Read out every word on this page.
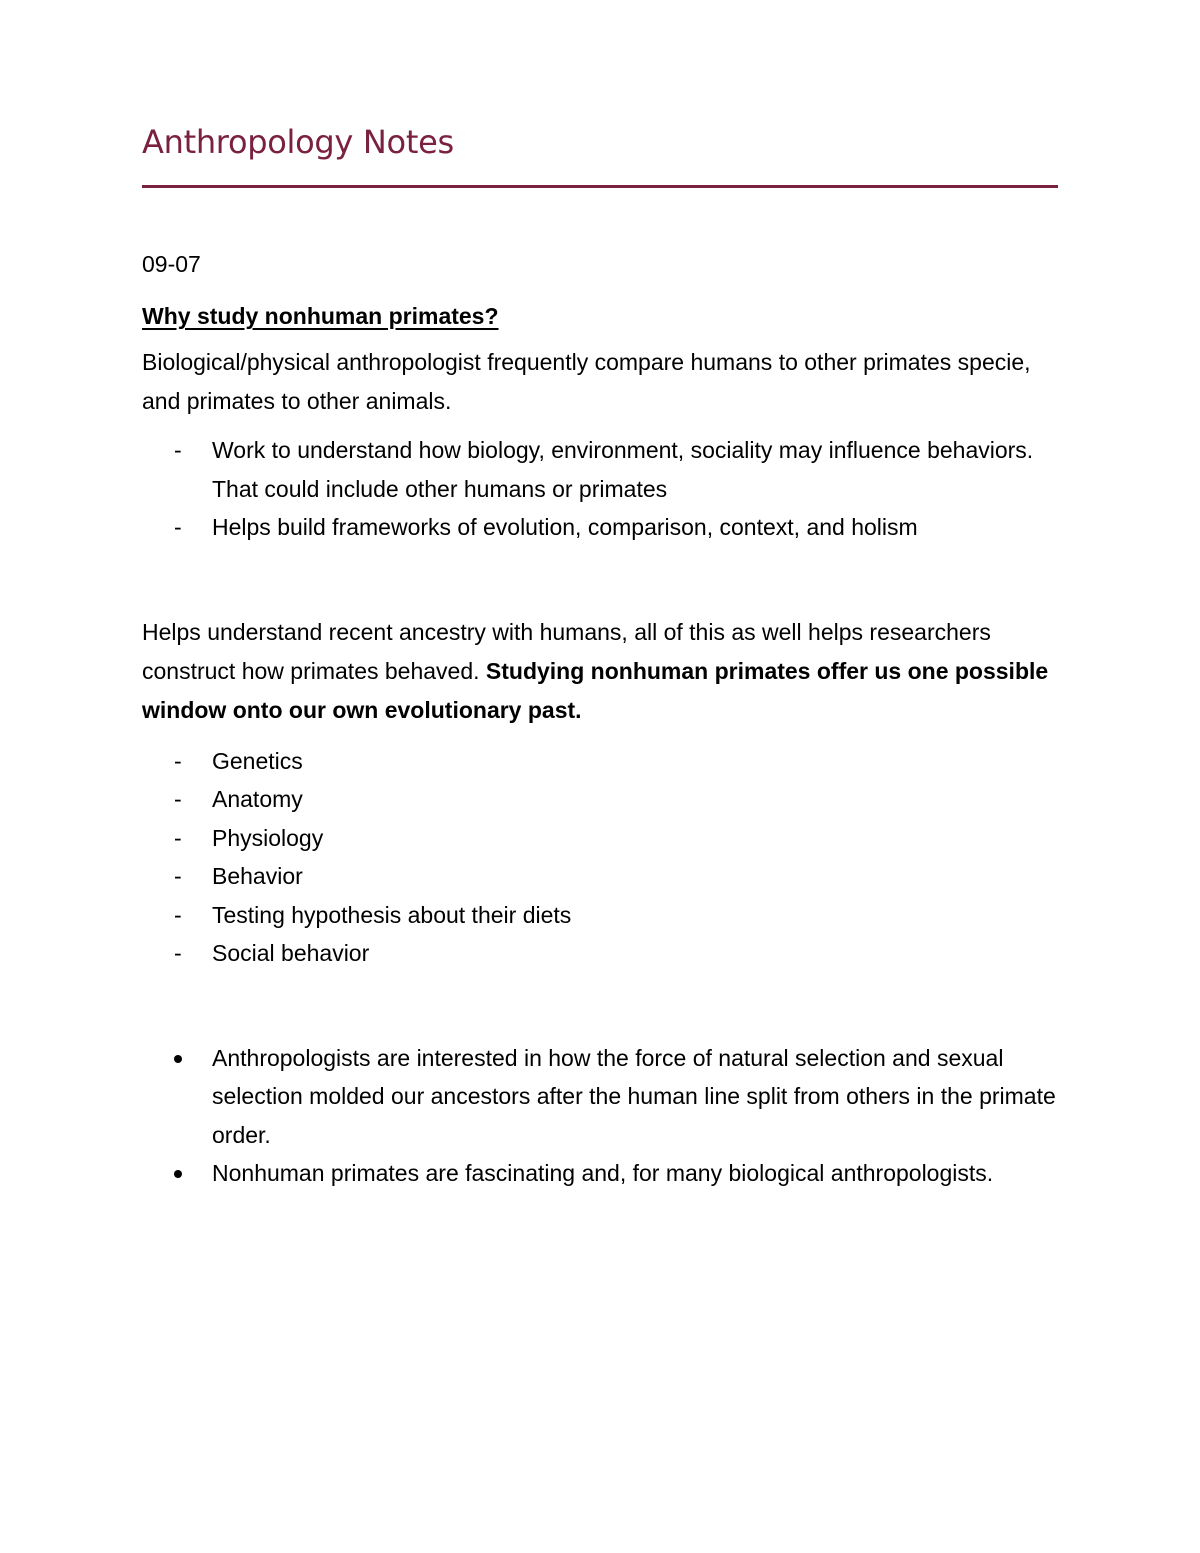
Anthropology Notes
09-07
Why study nonhuman primates?
Biological/physical anthropologist frequently compare humans to other primates specie, and primates to other animals.
- Work to understand how biology, environment, sociality may influence behaviors. That could include other humans or primates
- Helps build frameworks of evolution, comparison, context, and holism
Helps understand recent ancestry with humans, all of this as well helps researchers construct how primates behaved. Studying nonhuman primates offer us one possible window onto our own evolutionary past.
- Genetics
- Anatomy
- Physiology
- Behavior
- Testing hypothesis about their diets
- Social behavior
Anthropologists are interested in how the force of natural selection and sexual selection molded our ancestors after the human line split from others in the primate order.
Nonhuman primates are fascinating and, for many biological anthropologists.
